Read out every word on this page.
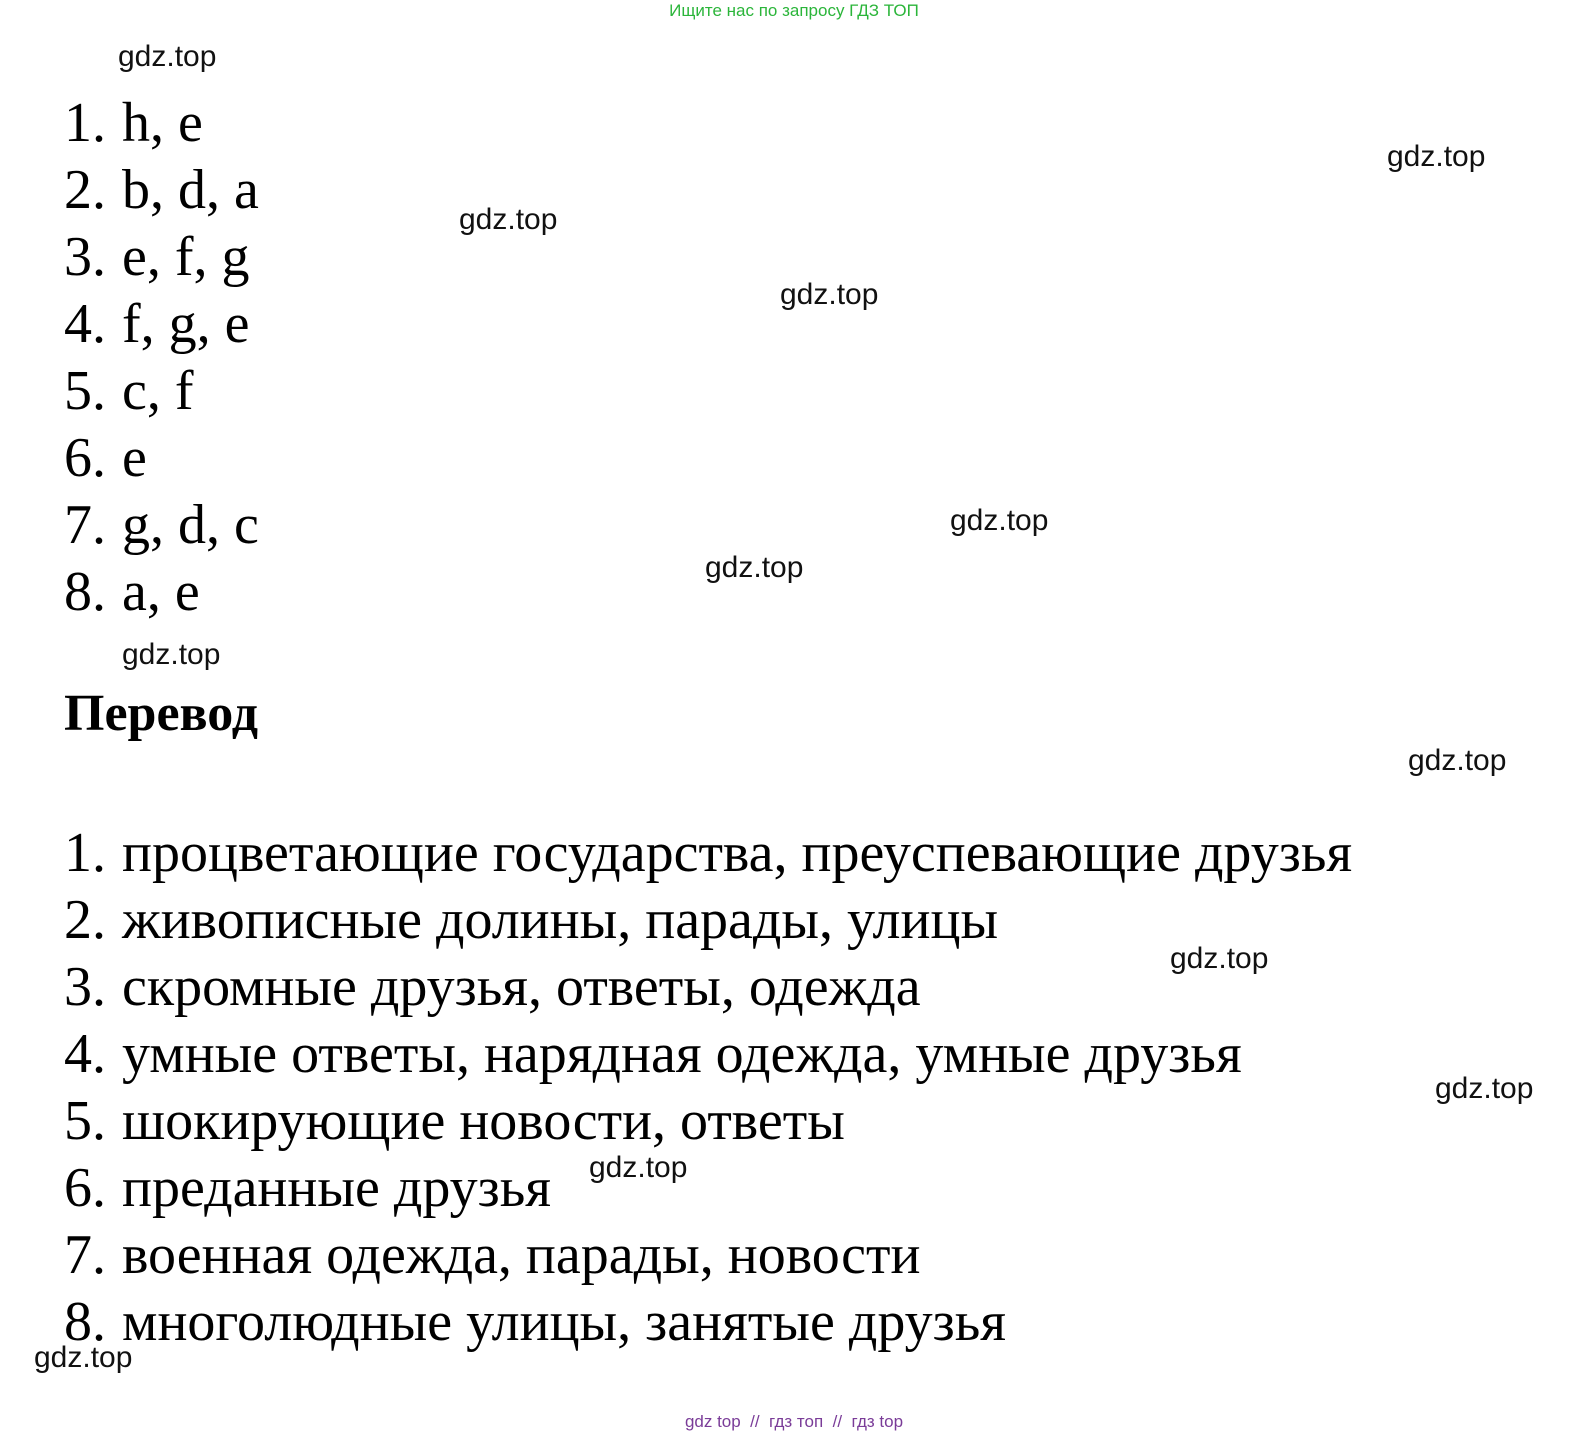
Ищите нас по запросу ГДЗ ТОП
1. h, e
2. b, d, a
3. e, f, g
4. f, g, e
5. c, f
6. e
7. g, d, c
8. a, e
Перевод
1. процветающие государства, преуспевающие друзья
2. живописные долины, парады, улицы
3. скромные друзья, ответы, одежда
4. умные ответы, нарядная одежда, умные друзья
5. шокирующие новости, ответы
6. преданные друзья
7. военная одежда, парады, новости
8. многолюдные улицы, занятые друзья
gdz.top
gdz.top
gdz.top
gdz.top
gdz.top
gdz.top
gdz.top
gdz.top
gdz.top
gdz.top
gdz.top
gdz.top
gdz top  //  гдз топ  //  гдз top
